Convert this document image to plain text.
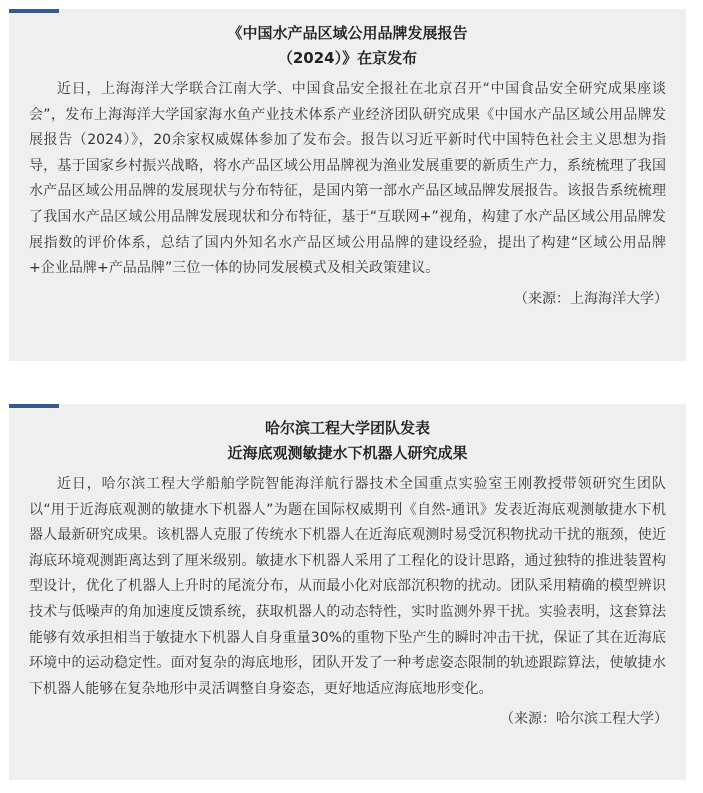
《中国水产品区域公用品牌发展报告
（2024）》在京发布

近日，上海海洋大学联合江南大学、中国食品安全报社在北京召开“中国食品安全研究成果座谈会”，发布上海海洋大学国家海水鱼产业技术体系产业经济团队研究成果《中国水产品区域公用品牌发展报告（2024）》，20余家权威媒体参加了发布会。报告以习近平新时代中国特色社会主义思想为指导，基于国家乡村振兴战略，将水产品区域公用品牌视为渔业发展重要的新质生产力，系统梳理了我国水产品区域公用品牌的发展现状与分布特征，是国内第一部水产品区域品牌发展报告。该报告系统梳理了我国水产品区域公用品牌发展现状和分布特征，基于“互联网+”视角，构建了水产品区域公用品牌发展指数的评价体系，总结了国内外知名水产品区域公用品牌的建设经验，提出了构建“区域公用品牌+企业品牌+产品品牌”三位一体的协同发展模式及相关政策建议。

（来源：上海海洋大学）

哈尔滨工程大学团队发表
近海底观测敏捷水下机器人研究成果

近日，哈尔滨工程大学船舶学院智能海洋航行器技术全国重点实验室王刚教授带领研究生团队以“用于近海底观测的敏捷水下机器人”为题在国际权威期刊《自然-通讯》发表近海底观测敏捷水下机器人最新研究成果。该机器人克服了传统水下机器人在近海底观测时易受沉积物扰动干扰的瓶颈，使近海底环境观测距离达到了厘米级别。敏捷水下机器人采用了工程化的设计思路，通过独特的推进装置构型设计，优化了机器人上升时的尾流分布，从而最小化对底部沉积物的扰动。团队采用精确的模型辨识技术与低噪声的角加速度反馈系统，获取机器人的动态特性，实时监测外界干扰。实验表明，这套算法能够有效承担相当于敏捷水下机器人自身重量30%的重物下坠产生的瞬时冲击干扰，保证了其在近海底环境中的运动稳定性。面对复杂的海底地形，团队开发了一种考虑姿态限制的轨迹跟踪算法，使敏捷水下机器人能够在复杂地形中灵活调整自身姿态，更好地适应海底地形变化。

（来源：哈尔滨工程大学）
